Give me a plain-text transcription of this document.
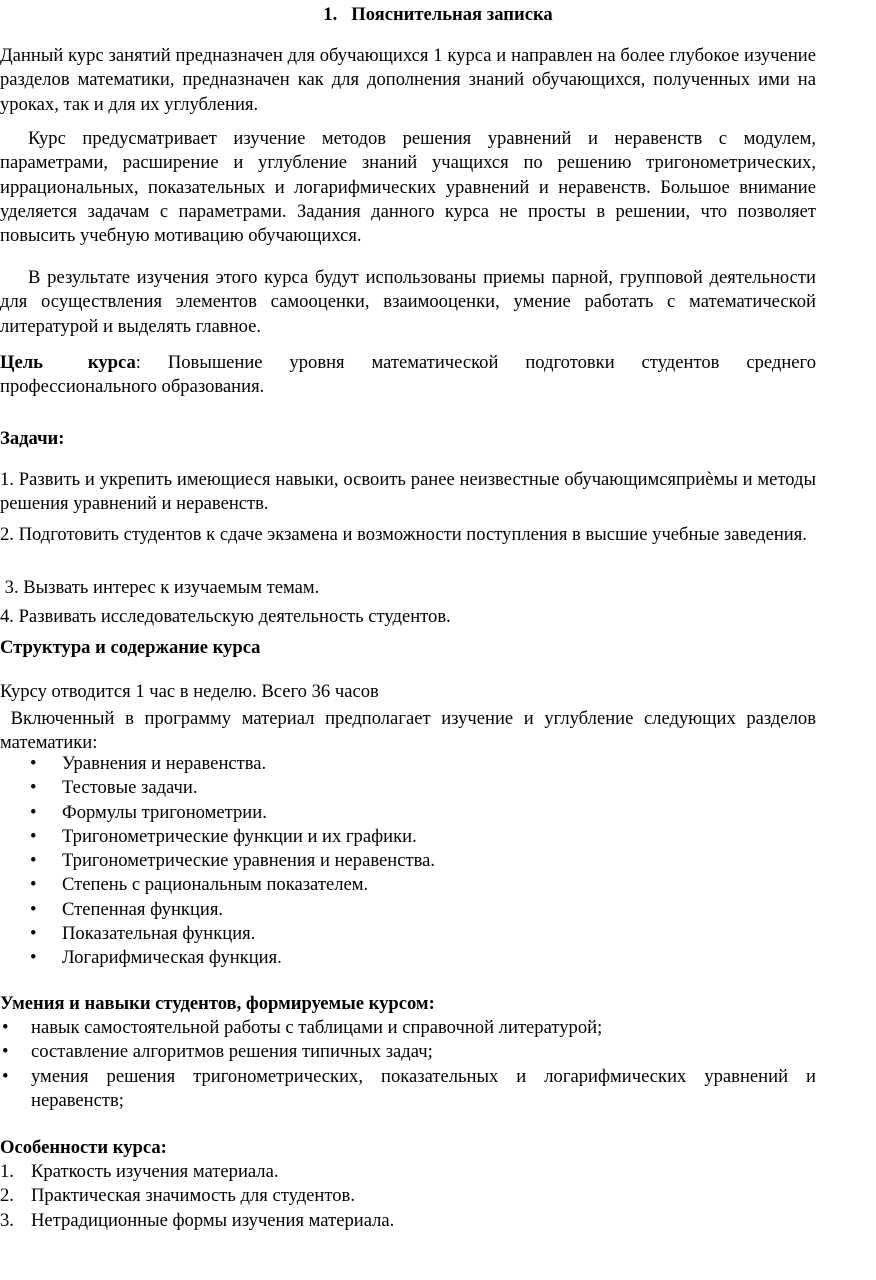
1. Пояснительная записка

Данный курс занятий предназначен для обучающихся 1 курса и направлен на более глубокое изучение разделов математики, предназначен как для дополнения знаний обучающихся, полученных ими на уроках, так и для их углубления.

Курс предусматривает изучение методов решения уравнений и неравенств с модулем, параметрами, расширение и углубление знаний учащихся по решению тригонометрических, иррациональных, показательных и логарифмических уравнений и неравенств. Большое внимание уделяется задачам с параметрами. Задания данного курса не просты в решении, что позволяет повысить учебную мотивацию обучающихся.

В результате изучения этого курса будут использованы приемы парной, групповой деятельности для осуществления элементов самооценки, взаимооценки, умение работать с математической литературой и выделять главное.

Цель курса: Повышение уровня математической подготовки студентов среднего профессионального образования.

Задачи:

1. Развить и укрепить имеющиеся навыки, освоить ранее неизвестные обучающимсяприѐмы и методы решения уравнений и неравенств.

2. Подготовить студентов к сдаче экзамена и возможности поступления в высшие учебные заведения.

3. Вызвать интерес к изучаемым темам.

4. Развивать исследовательскую деятельность студентов.

Структура и содержание курса

Курсу отводится 1 час в неделю. Всего 36 часов

Включенный в программу материал предполагает изучение и углубление следующих разделов математики:

• Уравнения и неравенства.
• Тестовые задачи.
• Формулы тригонометрии.
• Тригонометрические функции и их графики.
• Тригонометрические уравнения и неравенства.
• Степень с рациональным показателем.
• Степенная функция.
• Показательная функция.
• Логарифмическая функция.

Умения и навыки студентов, формируемые курсом:

• навык самостоятельной работы с таблицами и справочной литературой;
• составление алгоритмов решения типичных задач;
• умения решения тригонометрических, показательных и логарифмических уравнений и неравенств;

Особенности курса:

1. Краткость изучения материала.
2. Практическая значимость для студентов.
3. Нетрадиционные формы изучения материала.
